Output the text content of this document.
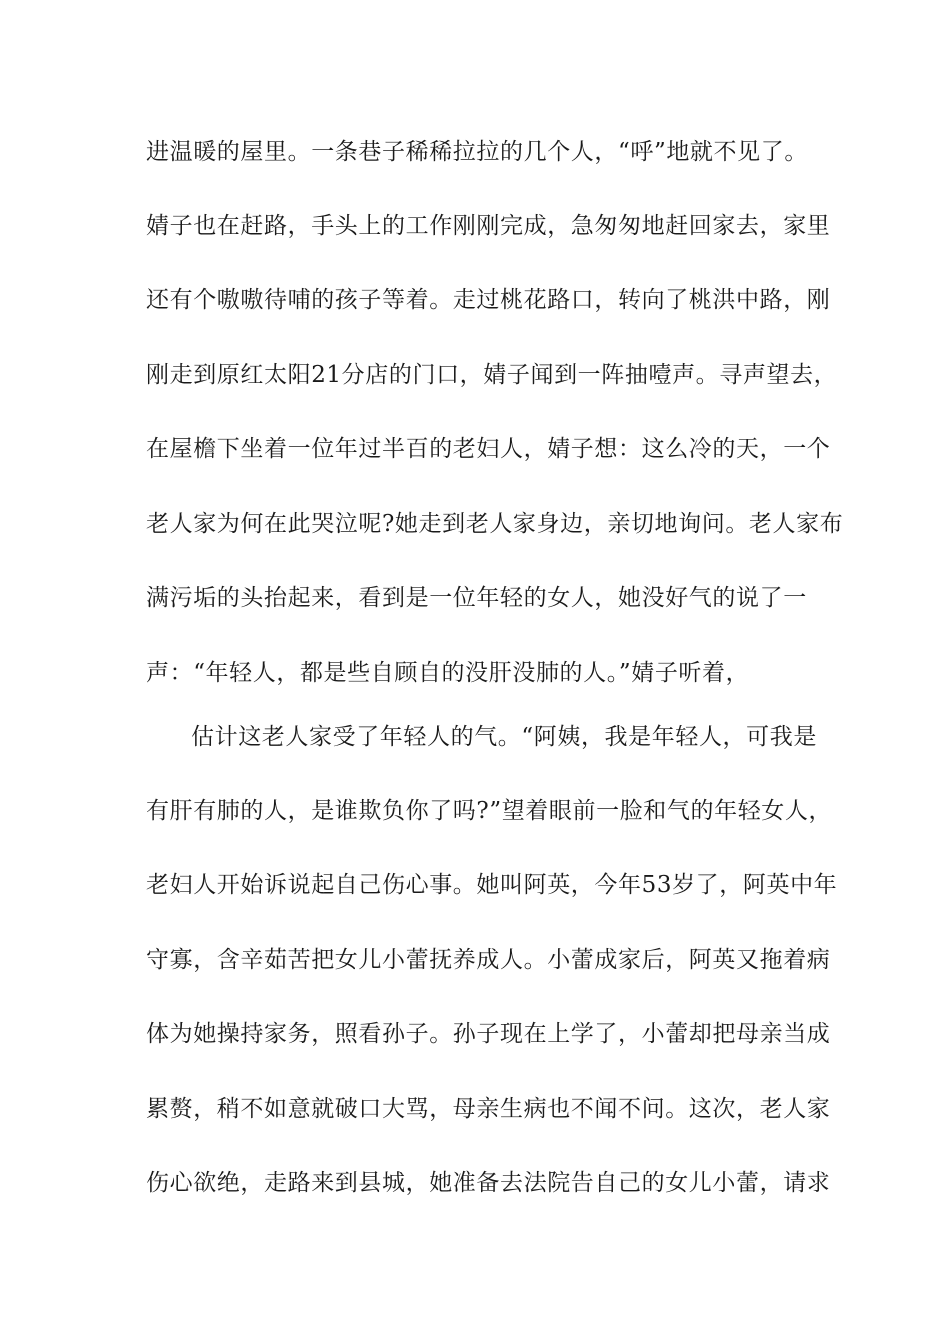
进温暖的屋里。一条巷子稀稀拉拉的几个人，“呼”地就不见了。
婧子也在赶路，手头上的工作刚刚完成，急匆匆地赶回家去，家里
还有个嗷嗷待哺的孩子等着。走过桃花路口，转向了桃洪中路，刚
刚走到原红太阳21分店的门口，婧子闻到一阵抽噎声。寻声望去，
在屋檐下坐着一位年过半百的老妇人，婧子想：这么冷的天，一个
老人家为何在此哭泣呢?她走到老人家身边，亲切地询问。老人家布
满污垢的头抬起来，看到是一位年轻的女人，她没好气的说了一
声：“年轻人，都是些自顾自的没肝没肺的人。”婧子听着，
估计这老人家受了年轻人的气。“阿姨，我是年轻人，可我是
有肝有肺的人，是谁欺负你了吗?”望着眼前一脸和气的年轻女人，
老妇人开始诉说起自己伤心事。她叫阿英，今年53岁了，阿英中年
守寡，含辛茹苦把女儿小蕾抚养成人。小蕾成家后，阿英又拖着病
体为她操持家务，照看孙子。孙子现在上学了，小蕾却把母亲当成
累赘，稍不如意就破口大骂，母亲生病也不闻不问。这次，老人家
伤心欲绝，走路来到县城，她准备去法院告自己的女儿小蕾，请求
